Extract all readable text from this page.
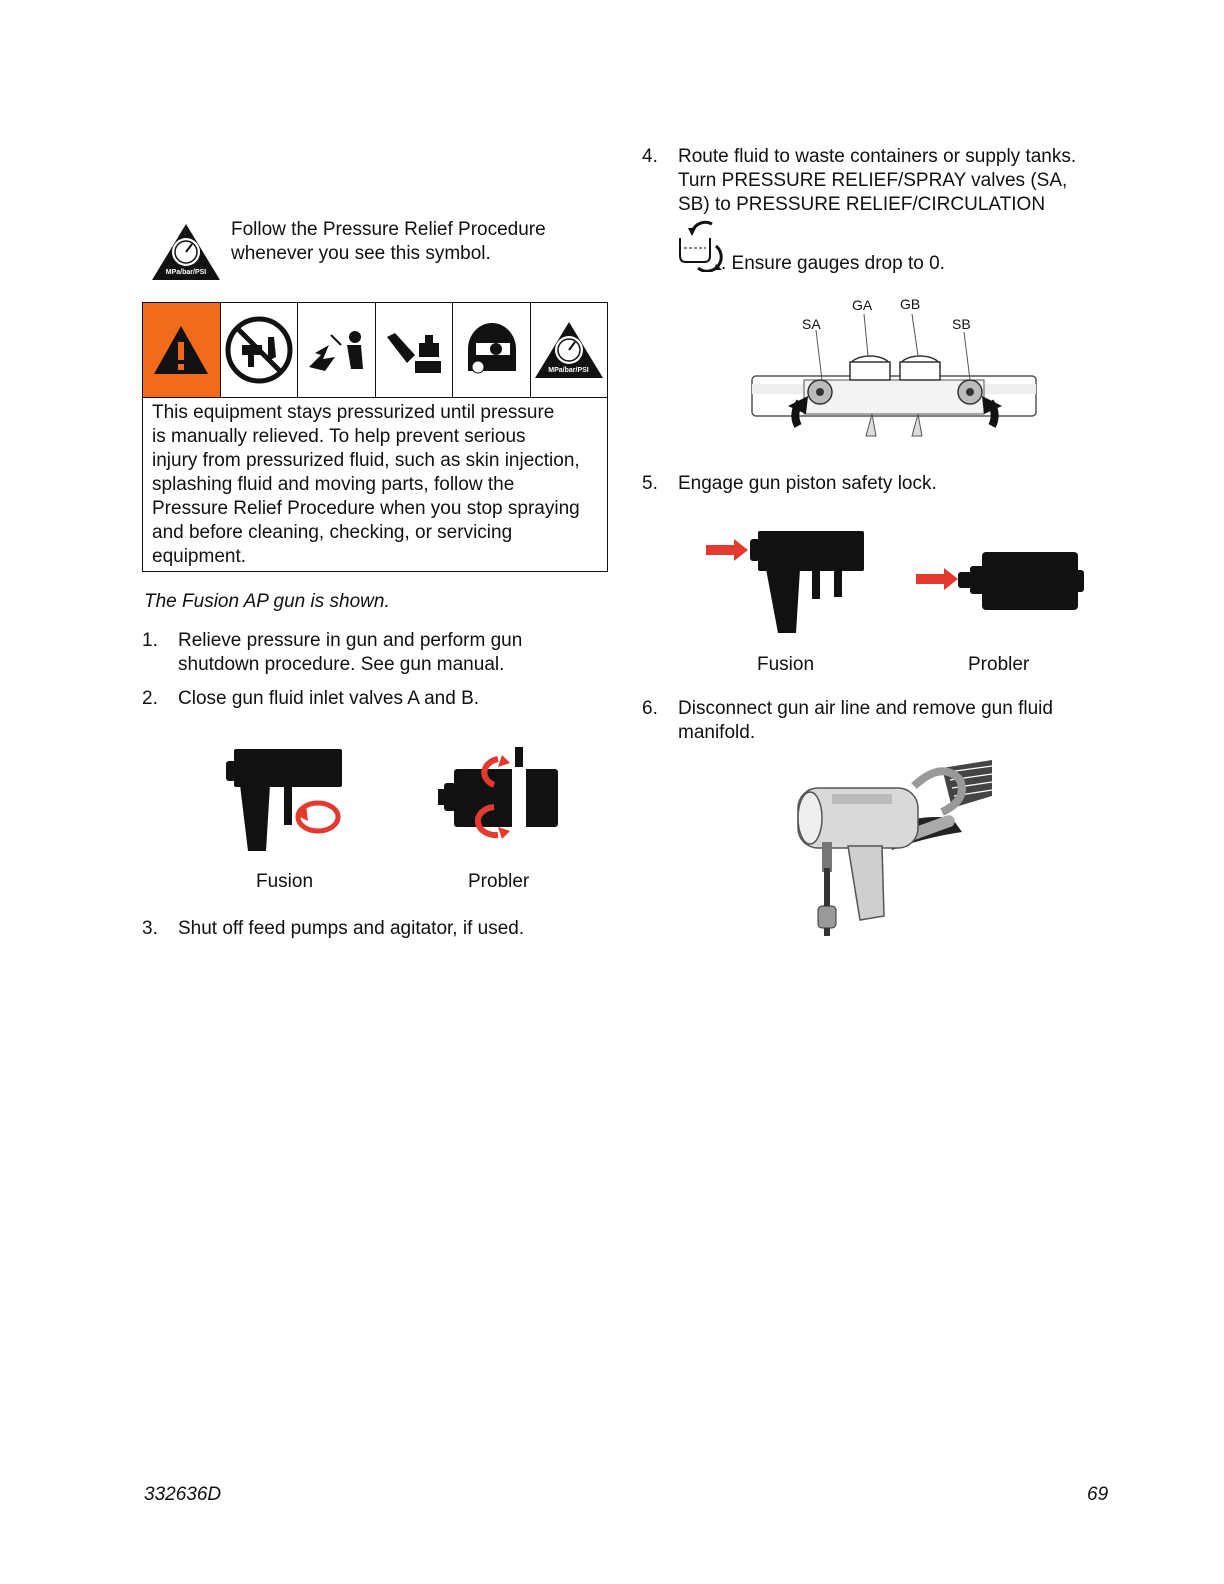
MPa/bar/PSI
Follow the Pressure Relief Procedure
whenever you see this symbol.
MPa/bar/PSI
This equipment stays pressurized until pressure
is manually relieved. To help prevent serious
injury from pressurized fluid, such as skin injection,
splashing fluid and moving parts, follow the
Pressure Relief Procedure when you stop spraying
and before cleaning, checking, or servicing
equipment.
The Fusion AP gun is shown.
1. Relieve pressure in gun and perform gun
shutdown procedure. See gun manual.
2. Close gun fluid inlet valves A and B.
Fusion	Probler
3. Shut off feed pumps and agitator, if used.
4. Route fluid to waste containers or supply tanks.
Turn PRESSURE RELIEF/SPRAY valves (SA,
SB) to PRESSURE RELIEF/CIRCULATION
. Ensure gauges drop to 0.
GA GB
SA	SB
5. Engage gun piston safety lock.
Fusion	Probler
6. Disconnect gun air line and remove gun fluid
manifold.
332636D	69
